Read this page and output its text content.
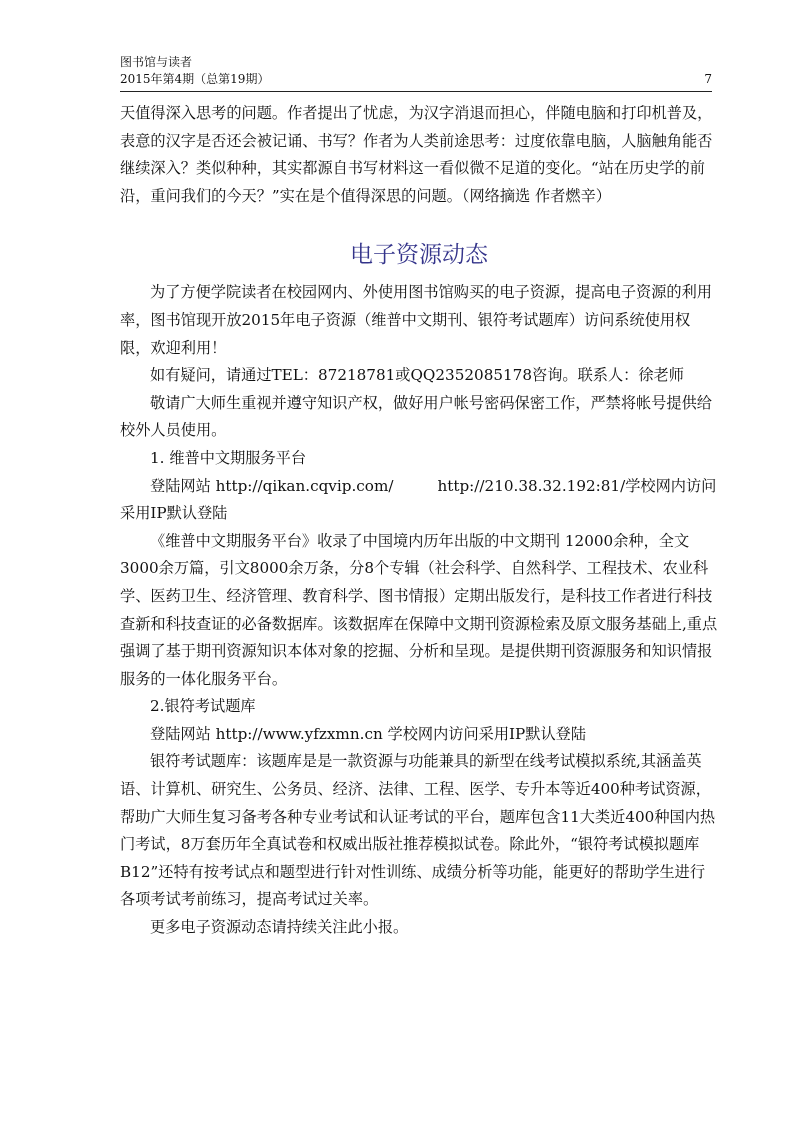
图书馆与读者
2015年第4期（总第19期）	7

天值得深入思考的问题。作者提出了忧虑，为汉字消退而担心，伴随电脑和打印机普及，表意的汉字是否还会被记诵、书写？作者为人类前途思考：过度依靠电脑，人脑触角能否继续深入？类似种种，其实都源自书写材料这一看似微不足道的变化。“站在历史学的前沿，重问我们的今天？”实在是个值得深思的问题。（网络摘选 作者燃辛）

电子资源动态

为了方便学院读者在校园网内、外使用图书馆购买的电子资源，提高电子资源的利用率，图书馆现开放2015年电子资源（维普中文期刊、银符考试题库）访问系统使用权限，欢迎利用！

如有疑问，请通过TEL：87218781或QQ2352085178咨询。联系人：徐老师

敬请广大师生重视并遵守知识产权，做好用户帐号密码保密工作，严禁将帐号提供给校外人员使用。

1. 维普中文期服务平台

登陆网站 http://qikan.cqvip.com/	http://210.38.32.192:81/学校网内访问采用IP默认登陆

《维普中文期服务平台》收录了中国境内历年出版的中文期刊 12000余种，全文3000余万篇，引文8000余万条，分8个专辑（社会科学、自然科学、工程技术、农业科学、医药卫生、经济管理、教育科学、图书情报）定期出版发行，是科技工作者进行科技查新和科技查证的必备数据库。该数据库在保障中文期刊资源检索及原文服务基础上,重点强调了基于期刊资源知识本体对象的挖掘、分析和呈现。是提供期刊资源服务和知识情报服务的一体化服务平台。

2.银符考试题库

登陆网站 http://www.yfzxmn.cn 学校网内访问采用IP默认登陆

银符考试题库：该题库是是一款资源与功能兼具的新型在线考试模拟系统,其涵盖英语、计算机、研究生、公务员、经济、法律、工程、医学、专升本等近400种考试资源，帮助广大师生复习备考各种专业考试和认证考试的平台，题库包含11大类近400种国内热门考试，8万套历年全真试卷和权威出版社推荐模拟试卷。除此外，“银符考试模拟题库B12”还特有按考试点和题型进行针对性训练、成绩分析等功能，能更好的帮助学生进行各项考试考前练习，提高考试过关率。

更多电子资源动态请持续关注此小报。
